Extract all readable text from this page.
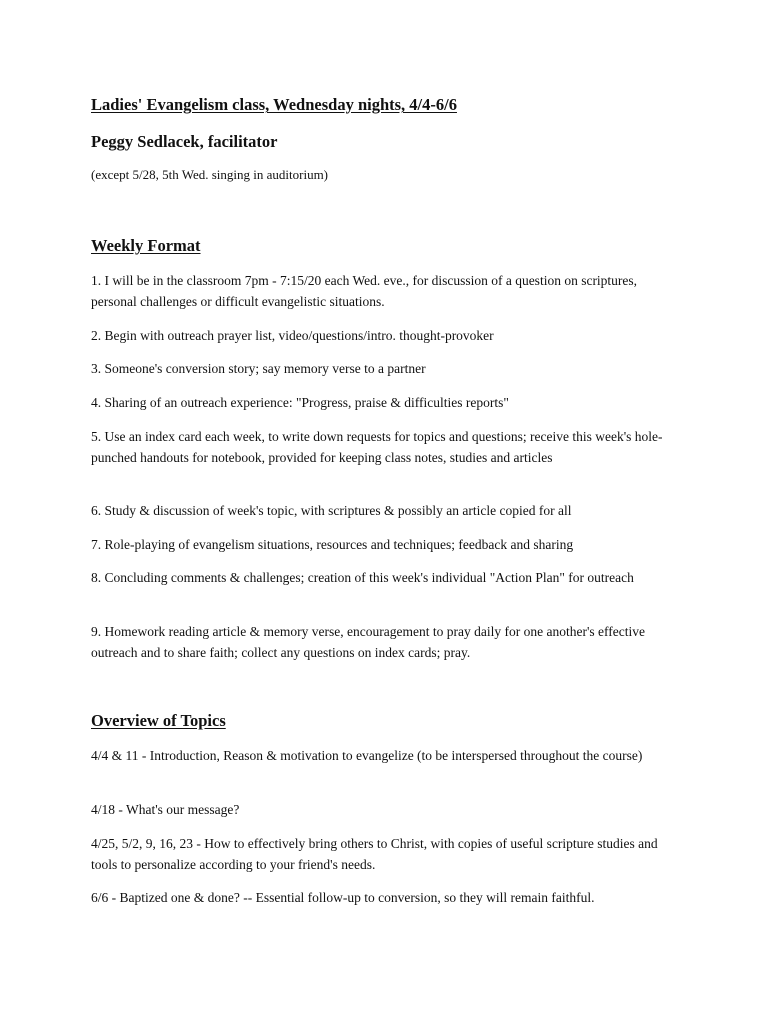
Ladies' Evangelism class, Wednesday nights, 4/4-6/6
Peggy Sedlacek, facilitator
(except 5/28, 5th Wed. singing in auditorium)
Weekly Format
1. I will be in the classroom 7pm - 7:15/20 each Wed. eve., for discussion of a question on scriptures, personal challenges or difficult evangelistic situations.
2. Begin with outreach prayer list, video/questions/intro. thought-provoker
3. Someone's conversion story; say memory verse to a partner
4. Sharing of an outreach experience: "Progress, praise & difficulties reports"
5. Use an index card each week, to write down requests for topics and questions; receive this week's hole-punched handouts for notebook, provided for keeping class notes, studies and articles
6. Study & discussion of week's topic, with scriptures & possibly an article copied for all
7. Role-playing of evangelism situations, resources and techniques; feedback and sharing
8. Concluding comments & challenges; creation of this week's individual "Action Plan" for outreach
9. Homework reading article & memory verse, encouragement to pray daily for one another's effective outreach and to share faith; collect any questions on index cards; pray.
Overview of Topics
4/4 & 11 - Introduction, Reason & motivation to evangelize (to be interspersed throughout the course)
4/18 - What's our message?
4/25, 5/2, 9, 16, 23 - How to effectively bring others to Christ, with copies of useful scripture studies and tools to personalize according to your friend's needs.
6/6 - Baptized one & done? -- Essential follow-up to conversion, so they will remain faithful.
